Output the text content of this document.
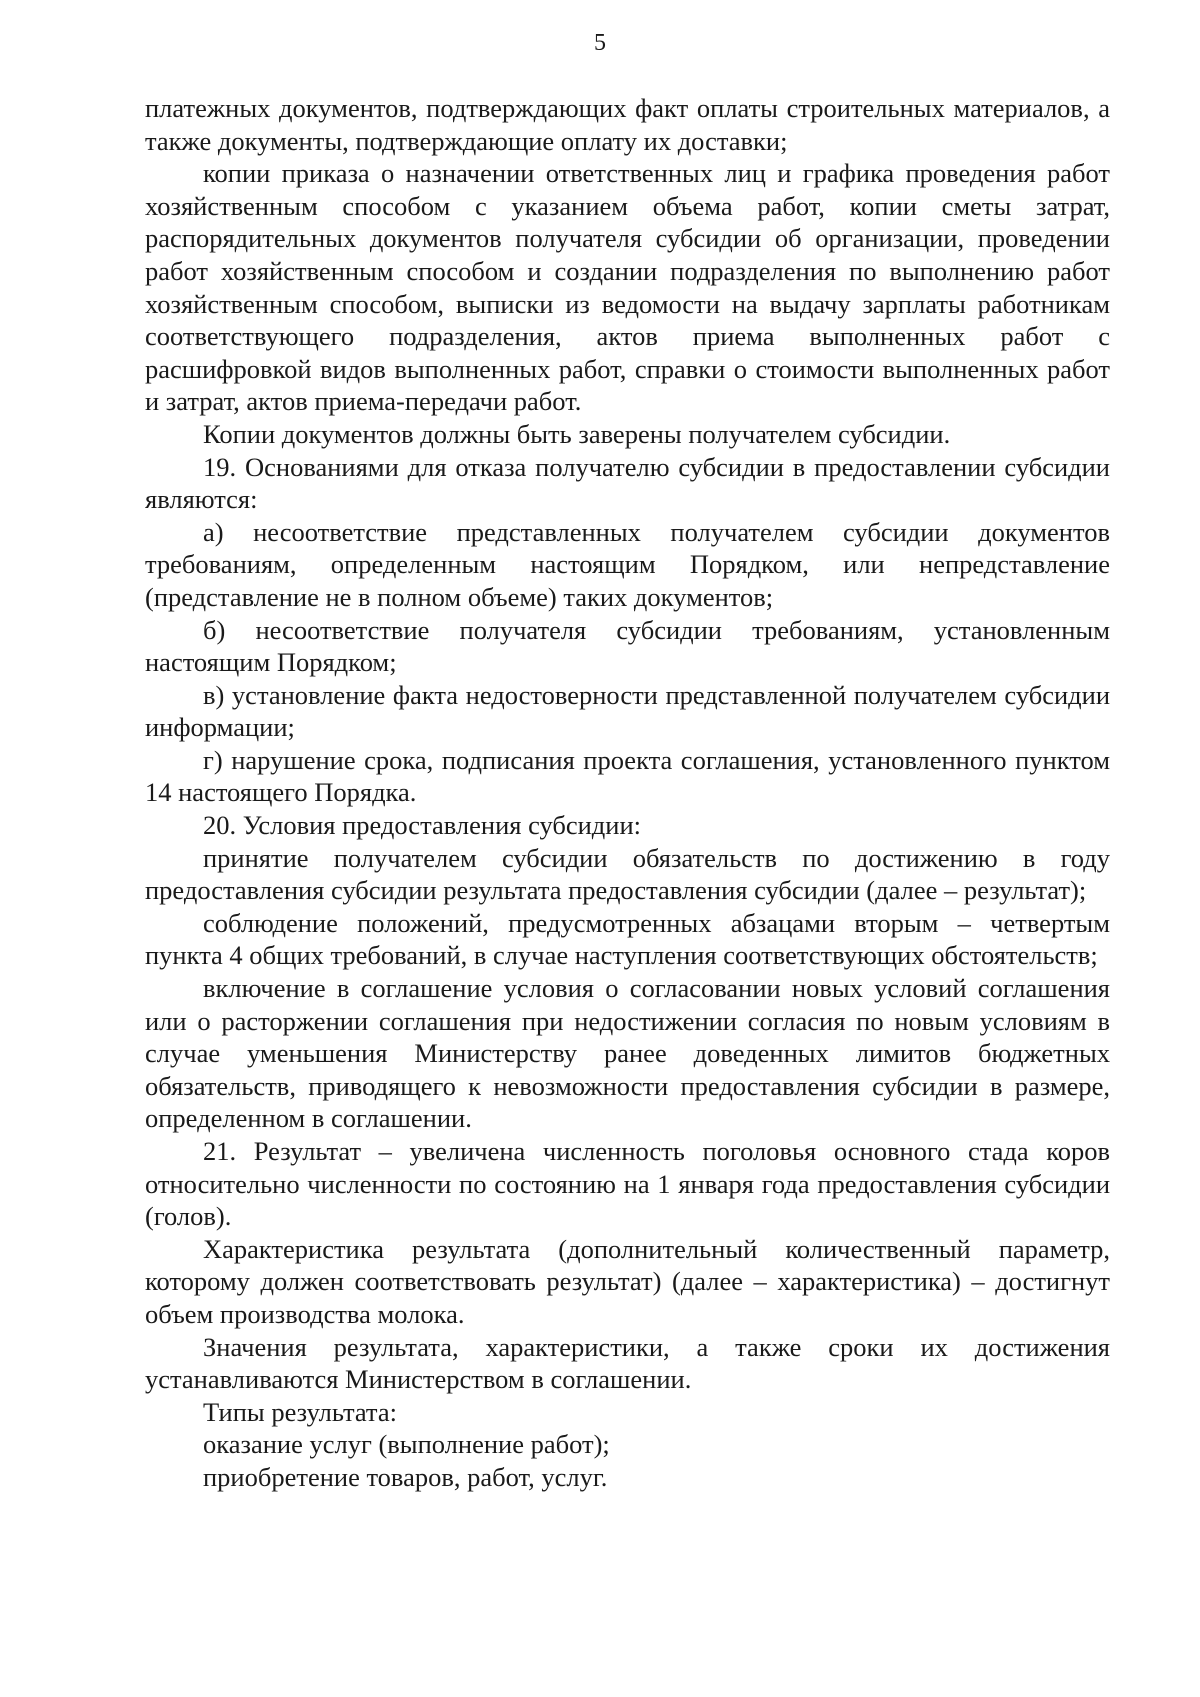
5

платежных документов, подтверждающих факт оплаты строительных материалов, а также документы, подтверждающие оплату их доставки;

копии приказа о назначении ответственных лиц и графика проведения работ хозяйственным способом с указанием объема работ, копии сметы затрат, распорядительных документов получателя субсидии об организации, проведении работ хозяйственным способом и создании подразделения по выполнению работ хозяйственным способом, выписки из ведомости на выдачу зарплаты работникам соответствующего подразделения, актов приема выполненных работ с расшифровкой видов выполненных работ, справки о стоимости выполненных работ и затрат, актов приема-передачи работ.

Копии документов должны быть заверены получателем субсидии.

19. Основаниями для отказа получателю субсидии в предоставлении субсидии являются:

а) несоответствие представленных получателем субсидии документов требованиям, определенным настоящим Порядком, или непредставление (представление не в полном объеме) таких документов;

б) несоответствие получателя субсидии требованиям, установленным настоящим Порядком;

в) установление факта недостоверности представленной получателем субсидии информации;

г) нарушение срока, подписания проекта соглашения, установленного пунктом 14 настоящего Порядка.

20. Условия предоставления субсидии:

принятие получателем субсидии обязательств по достижению в году предоставления субсидии результата предоставления субсидии (далее – результат);

соблюдение положений, предусмотренных абзацами вторым – четвертым пункта 4 общих требований, в случае наступления соответствующих обстоятельств;

включение в соглашение условия о согласовании новых условий соглашения или о расторжении соглашения при недостижении согласия по новым условиям в случае уменьшения Министерству ранее доведенных лимитов бюджетных обязательств, приводящего к невозможности предоставления субсидии в размере, определенном в соглашении.

21. Результат – увеличена численность поголовья основного стада коров относительно численности по состоянию на 1 января года предоставления субсидии (голов).

Характеристика результата (дополнительный количественный параметр, которому должен соответствовать результат) (далее – характеристика) – достигнут объем производства молока.

Значения результата, характеристики, а также сроки их достижения устанавливаются Министерством в соглашении.

Типы результата:

оказание услуг (выполнение работ);

приобретение товаров, работ, услуг.
